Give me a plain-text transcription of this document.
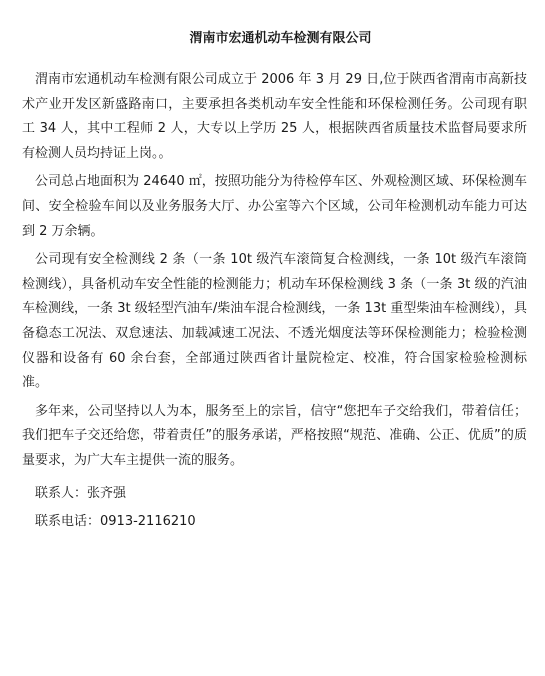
渭南市宏通机动车检测有限公司

渭南市宏通机动车检测有限公司成立于 2006 年 3 月 29 日,位于陕西省渭南市高新技术产业开发区新盛路南口，主要承担各类机动车安全性能和环保检测任务。公司现有职工 34 人，其中工程师 2 人，大专以上学历 25 人，根据陕西省质量技术监督局要求所有检测人员均持证上岗。。

公司总占地面积为 24640 ㎡，按照功能分为待检停车区、外观检测区域、环保检测车间、安全检验车间以及业务服务大厅、办公室等六个区域，公司年检测机动车能力可达到 2 万余辆。

公司现有安全检测线 2 条（一条 10t 级汽车滚筒复合检测线，一条 10t 级汽车滚筒检测线），具备机动车安全性能的检测能力；机动车环保检测线 3 条（一条 3t 级的汽油车检测线，一条 3t 级轻型汽油车/柴油车混合检测线，一条 13t 重型柴油车检测线），具备稳态工况法、双怠速法、加载减速工况法、不透光烟度法等环保检测能力；检验检测仪器和设备有 60 余台套，全部通过陕西省计量院检定、校准，符合国家检验检测标准。

多年来，公司坚持以人为本，服务至上的宗旨，信守“您把车子交给我们，带着信任；我们把车子交还给您，带着责任”的服务承诺，严格按照“规范、准确、公正、优质”的质量要求，为广大车主提供一流的服务。

联系人：张齐强
联系电话：0913-2116210
